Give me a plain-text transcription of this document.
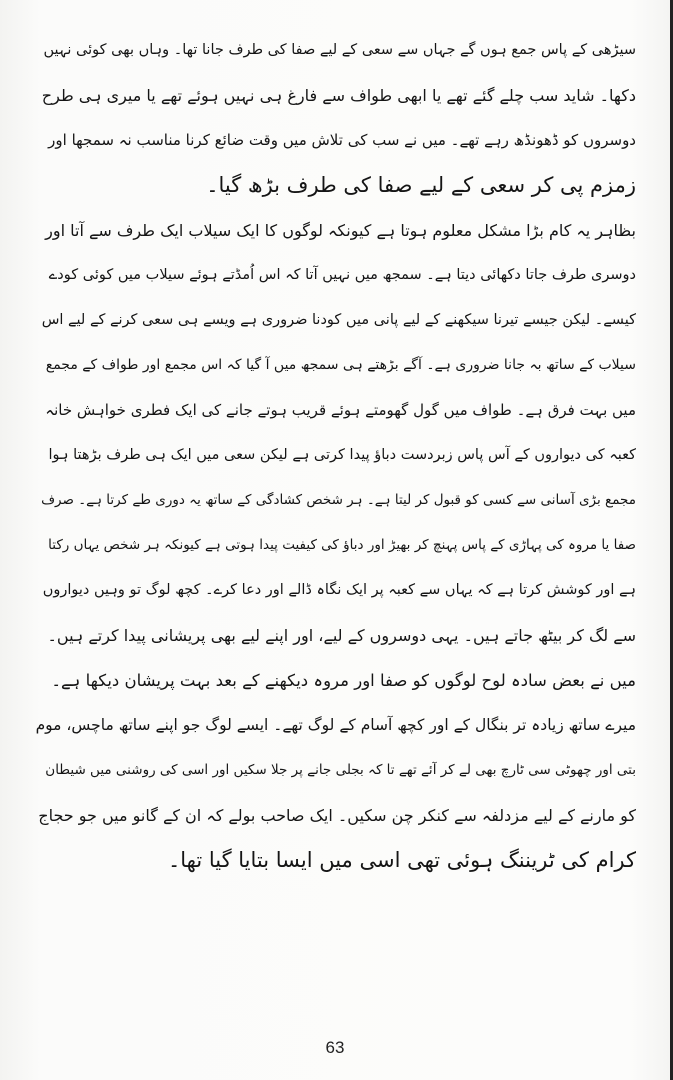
سیڑھی کے پاس جمع ہوں گے جہاں سے سعی کے لیے صفا کی طرف جانا تھا۔ وہاں بھی کوئی نہیں
دکھا۔ شاید سب چلے گئے تھے یا ابھی طواف سے فارغ ہی نہیں ہوئے تھے یا میری ہی طرح
دوسروں کو ڈھونڈھ رہے تھے۔ میں نے سب کی تلاش میں وقت ضائع کرنا مناسب نہ سمجھا اور
زمزم پی کر سعی کے لیے صفا کی طرف بڑھ گیا۔
بظاہر یہ کام بڑا مشکل معلوم ہوتا ہے کیونکہ لوگوں کا ایک سیلاب ایک طرف سے آتا اور
دوسری طرف جاتا دکھائی دیتا ہے۔ سمجھ میں نہیں آتا کہ اس اُمڈتے ہوئے سیلاب میں کوئی کودے
کیسے۔ لیکن جیسے تیرنا سیکھنے کے لیے پانی میں کودنا ضروری ہے ویسے ہی سعی کرنے کے لیے اس
سیلاب کے ساتھ بہ جانا ضروری ہے۔ آگے بڑھتے ہی سمجھ میں آ گیا کہ اس مجمع اور طواف کے مجمع
میں بہت فرق ہے۔ طواف میں گول گھومتے ہوئے قریب ہوتے جانے کی ایک فطری خواہش خانہ
کعبہ کی دیواروں کے آس پاس زبردست دباؤ پیدا کرتی ہے لیکن سعی میں ایک ہی طرف بڑھتا ہوا
مجمع بڑی آسانی سے کسی کو قبول کر لیتا ہے۔ ہر شخص کشادگی کے ساتھ یہ دوری طے کرتا ہے۔ صرف
صفا یا مروہ کی پہاڑی کے پاس پہنچ کر بھیڑ اور دباؤ کی کیفیت پیدا ہوتی ہے کیونکہ ہر شخص یہاں رکتا
ہے اور کوشش کرتا ہے کہ یہاں سے کعبہ پر ایک نگاہ ڈالے اور دعا کرے۔ کچھ لوگ تو وہیں دیواروں
سے لگ کر بیٹھ جاتے ہیں۔ یہی دوسروں کے لیے، اور اپنے لیے بھی پریشانی پیدا کرتے ہیں۔
میں نے بعض سادہ لوح لوگوں کو صفا اور مروہ دیکھنے کے بعد بہت پریشان دیکھا ہے۔
میرے ساتھ زیادہ تر بنگال کے اور کچھ آسام کے لوگ تھے۔ ایسے لوگ جو اپنے ساتھ ماچس، موم
بتی اور چھوٹی سی ٹارچ بھی لے کر آئے تھے تا کہ بجلی جانے پر جلا سکیں اور اسی کی روشنی میں شیطان
کو مارنے کے لیے مزدلفہ سے کنکر چن سکیں۔ ایک صاحب بولے کہ ان کے گانو میں جو حجاج
کرام کی ٹریننگ ہوئی تھی اسی میں ایسا بتایا گیا تھا۔
63
